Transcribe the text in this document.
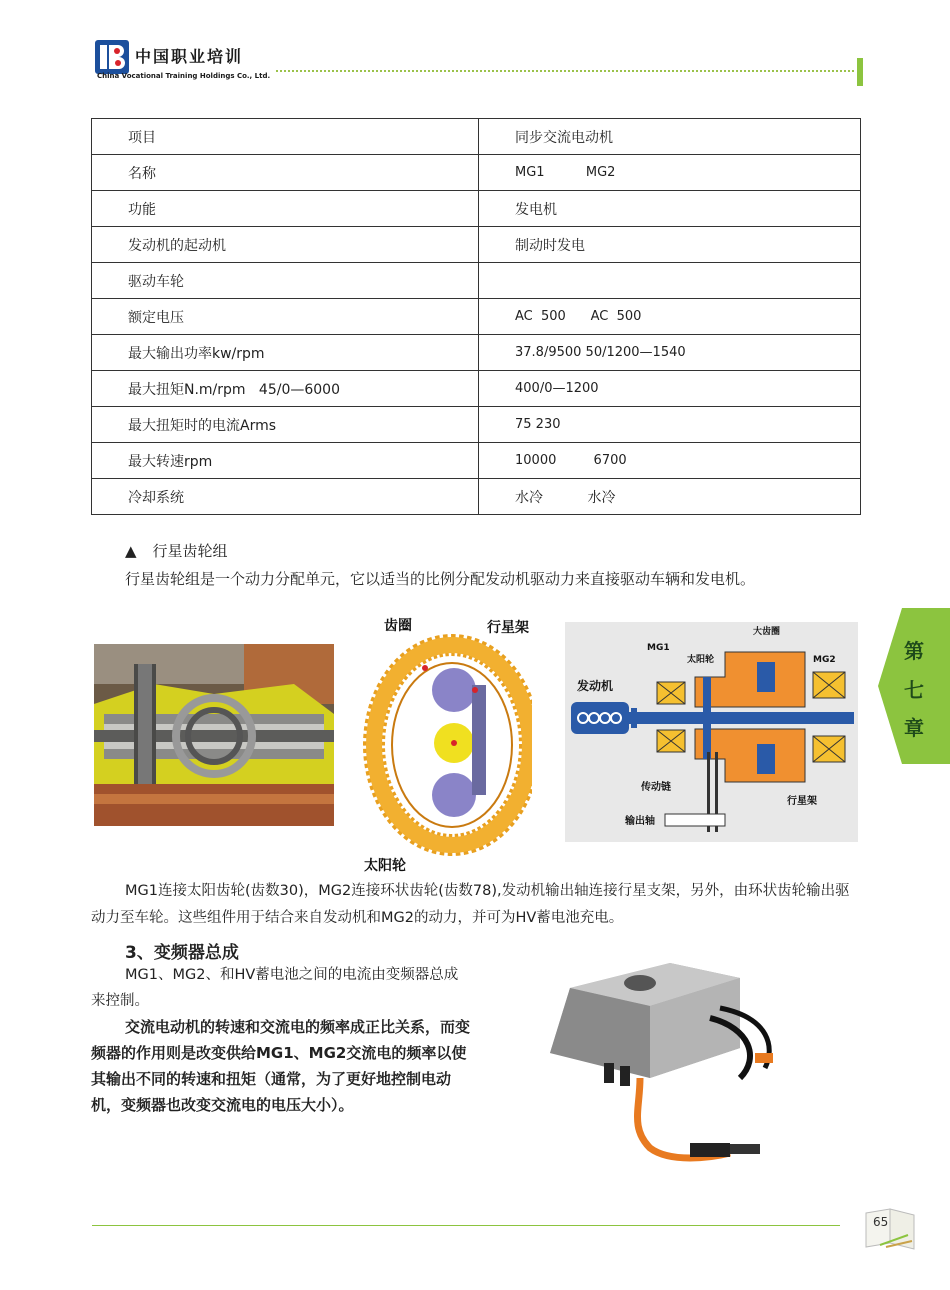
中国职业培训
China Vocational Training Holdings Co., Ltd.
项目	同步交流电动机
名称	MG1          MG2
功能	发电机
发动机的起动机	制动时发电
驱动车轮	
额定电压	AC  500      AC  500
最大输出功率kw/rpm	37.8/9500 50/1200—1540
最大扭矩N.m/rpm   45/0—6000	400/0—1200
最大扭矩时的电流Arms	75 230
最大转速rpm	10000         6700
冷却系统	水冷          水冷
▲ 行星齿轮组
行星齿轮组是一个动力分配单元，它以适当的比例分配发动机驱动力来直接驱动车辆和发电机。
齿圈	行星架
太阳轮
发动机
MG1
太阳轮
大齿圈
MG2
传动链
行星架
输出轴
MG1连接太阳齿轮(齿数30)，MG2连接环状齿轮(齿数78),发动机输出轴连接行星支架，另外，由环状齿轮输出驱动力至车轮。这些组件用于结合来自发动机和MG2的动力，并可为HV蓄电池充电。
3、变频器总成
MG1、MG2、和HV蓄电池之间的电流由变频器总成来控制。
交流电动机的转速和交流电的频率成正比关系，而变频器的作用则是改变供给MG1、MG2交流电的频率以使其输出不同的转速和扭矩（通常，为了更好地控制电动机，变频器也改变交流电的电压大小）。
第
七
章
65
